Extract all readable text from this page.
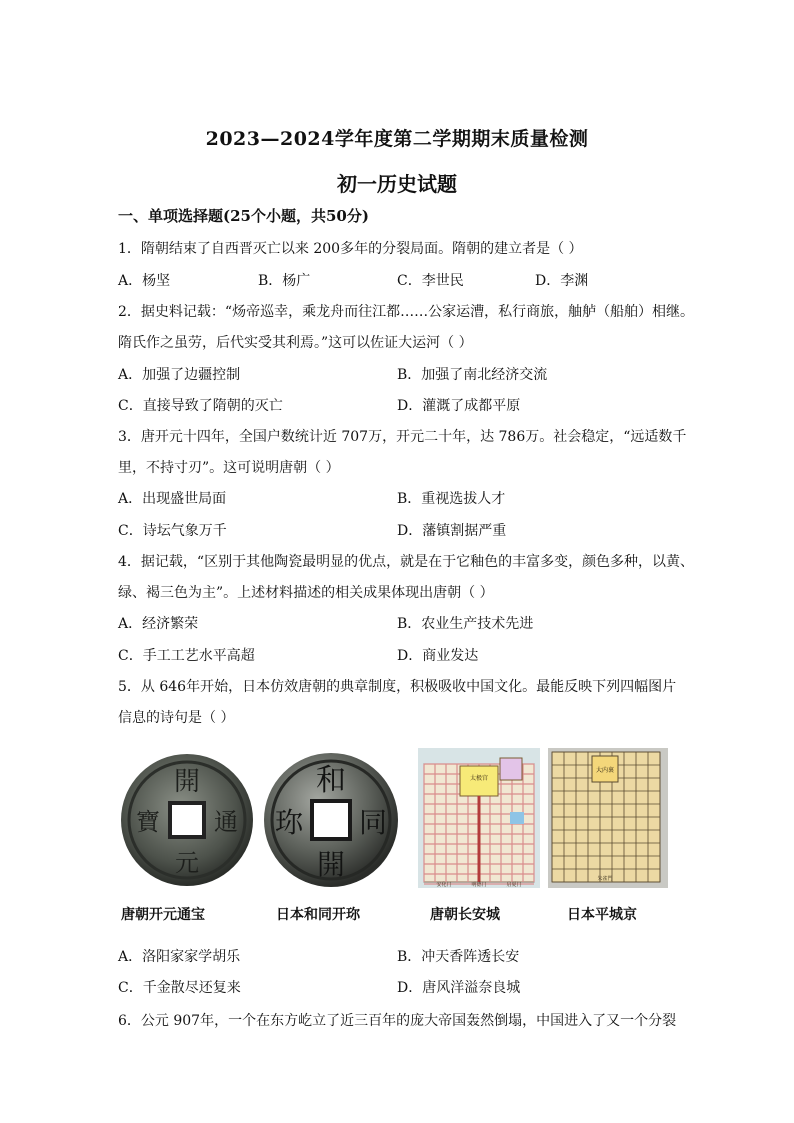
2023—2024学年度第二学期期末质量检测
初一历史试题
一、单项选择题(25个小题，共50分)
1．隋朝结束了自西晋灭亡以来 200多年的分裂局面。隋朝的建立者是（ ）
A．杨坚	B．杨广	C．李世民	D．李渊
2．据史料记载：“炀帝巡幸，乘龙舟而往江都……公家运漕，私行商旅，舳舻（船舶）相继。
隋氏作之虽劳，后代实受其利焉。”这可以佐证大运河（ ）
A．加强了边疆控制	B．加强了南北经济交流
C．直接导致了隋朝的灭亡	D．灌溉了成都平原
3．唐开元十四年，全国户数统计近 707万，开元二十年，达 786万。社会稳定，“远适数千
里，不持寸刃”。这可说明唐朝（ ）
A．出现盛世局面	B．重视选拔人才
C．诗坛气象万千	D．藩镇割据严重
4．据记载，“区别于其他陶瓷最明显的优点，就是在于它釉色的丰富多变，颜色多种，以黄、
绿、褐三色为主”。上述材料描述的相关成果体现出唐朝（ ）
A．经济繁荣	B．农业生产技术先进
C．手工工艺水平高超	D．商业发达
5．从 646年开始，日本仿效唐朝的典章制度，积极吸收中国文化。最能反映下列四幅图片
信息的诗句是（ ）
開
通
元
寶
和
同
開
珎
太极宫
明德门
安化门	启夏门
大内裏
朱雀門
唐朝开元通宝	日本和同开珎	唐朝长安城	日本平城京
A．洛阳家家学胡乐	B．冲天香阵透长安
C．千金散尽还复来	D．唐风洋溢奈良城
6．公元 907年，一个在东方屹立了近三百年的庞大帝国轰然倒塌，中国进入了又一个分裂
